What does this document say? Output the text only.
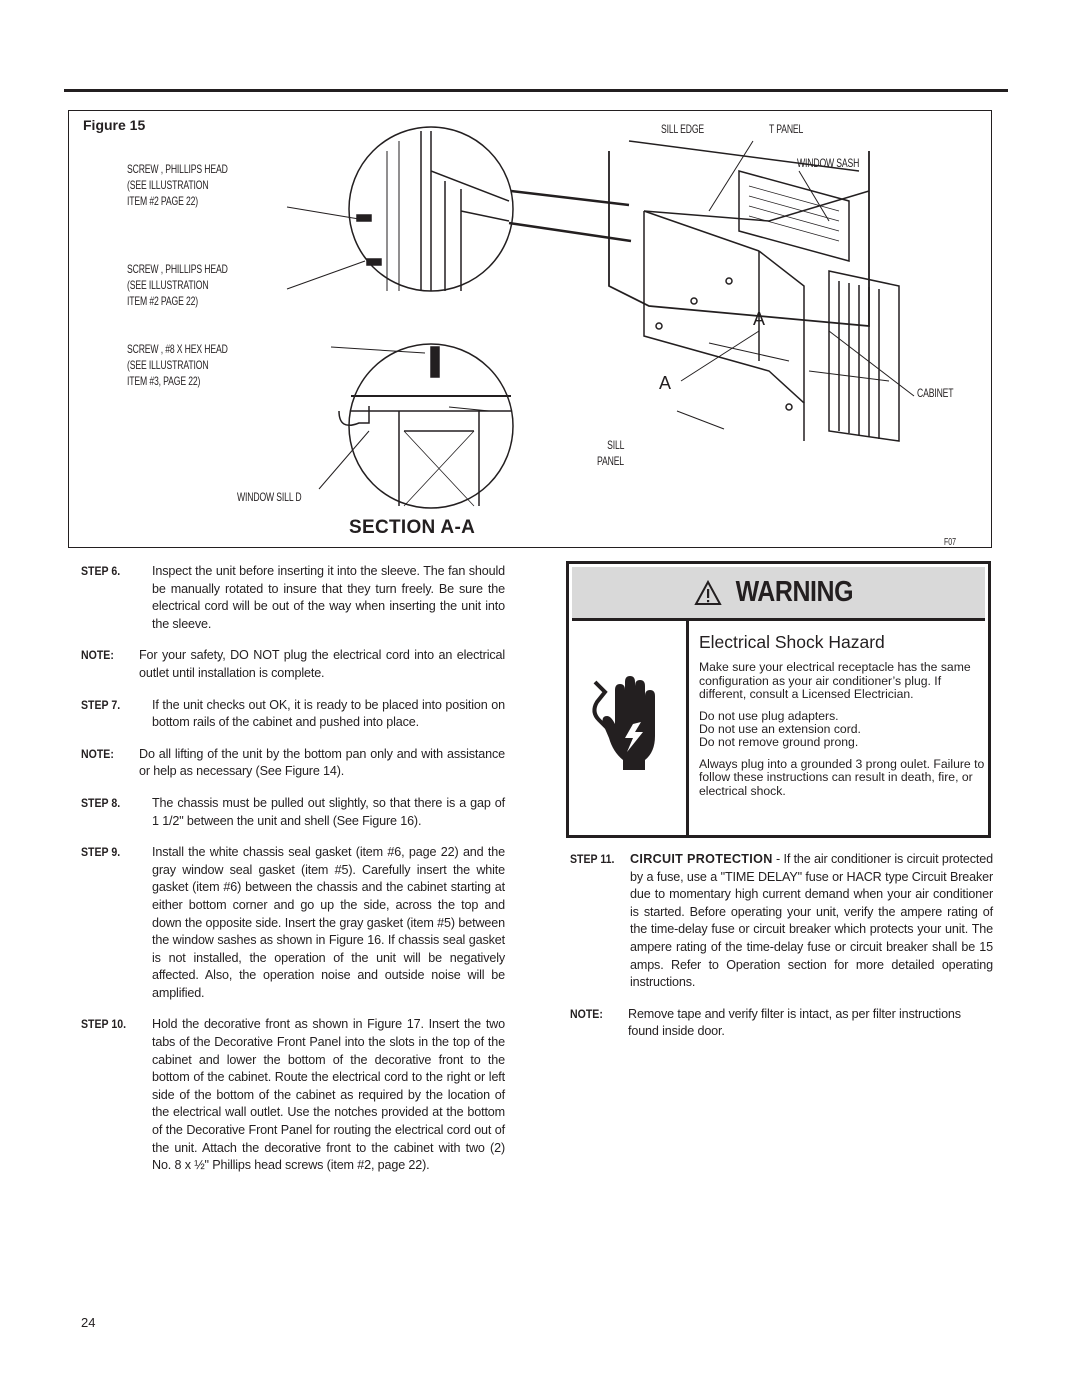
Figure 15
SCREW , PHILLIPS HEAD
(SEE ILLUSTRATION
ITEM #2 PAGE 22)
SCREW , PHILLIPS HEAD
(SEE ILLUSTRATION
ITEM #2 PAGE 22)
SCREW , #8 X HEX HEAD
(SEE ILLUSTRATION
ITEM #3, PAGE 22)
WINDOW SILL D
SILL EDGE	T PANEL
WINDOW SASH
CABINET
SILL
PANEL
A
A
SECTION A-A
F07
STEP 6.	Inspect the unit before inserting it into the sleeve. The fan should be manually rotated to insure that they turn freely. Be sure the electrical cord will be out of the way when inserting the unit into the sleeve.
NOTE:	For your safety, DO NOT plug the electrical cord into an electrical outlet until installation is complete.
STEP 7.	If the unit checks out OK, it is ready to be placed into position on bottom rails of the cabinet and pushed into place.
NOTE:	Do all lifting of the unit by the bottom pan only and with assistance or help as necessary (See Figure 14).
STEP 8.	The chassis must be pulled out slightly, so that there is a gap of 1 1/2" between the unit and shell (See Figure 16).
STEP 9.	Install the white chassis seal gasket (item #6, page 22) and the gray window seal gasket (item #5). Carefully insert the white gasket (item #6) between the chassis and the cabinet starting at either bottom corner and go up the side, across the top and down the opposite side. Insert the gray gasket (item #5) between the window sashes as shown in Figure 16. If chassis seal gasket is not installed, the operation of the unit will be negatively affected. Also, the operation noise and outside noise will be amplified.
STEP 10.	Hold the decorative front as shown in Figure 17. Insert the two tabs of the Decorative Front Panel into the slots in the top of the cabinet and lower the bottom of the decorative front to the bottom of the cabinet. Route the electrical cord to the right or left side of the bottom of the cabinet as required by the location of the electrical wall outlet. Use the notches provided at the bottom of the Decorative Front Panel for routing the electrical cord out of the unit. Attach the decorative front to the cabinet with two (2) No. 8 x ½" Phillips head screws (item #2, page 22).
WARNING
Electrical Shock Hazard

Make sure your electrical receptacle has the same configuration as your air conditioner’s plug. If different, consult a Licensed Electrician.

Do not use plug adapters.
Do not use an extension cord.
Do not remove ground prong.

Always plug into a grounded 3 prong oulet. Failure to follow these instructions can result in death, fire, or electrical shock.

STEP 11.	CIRCUIT PROTECTION - If the air conditioner is circuit protected by a fuse, use a "TIME DELAY" fuse or HACR type Circuit Breaker due to momentary high current demand when your air conditioner is started. Before operating your unit, verify the ampere rating of the time-delay fuse or circuit breaker which protects your unit. The ampere rating of the time-delay fuse or circuit breaker shall be 15 amps. Refer to Operation section for more detailed operating instructions.
NOTE:	Remove tape and verify filter is intact, as per filter instructions found inside door.
24
